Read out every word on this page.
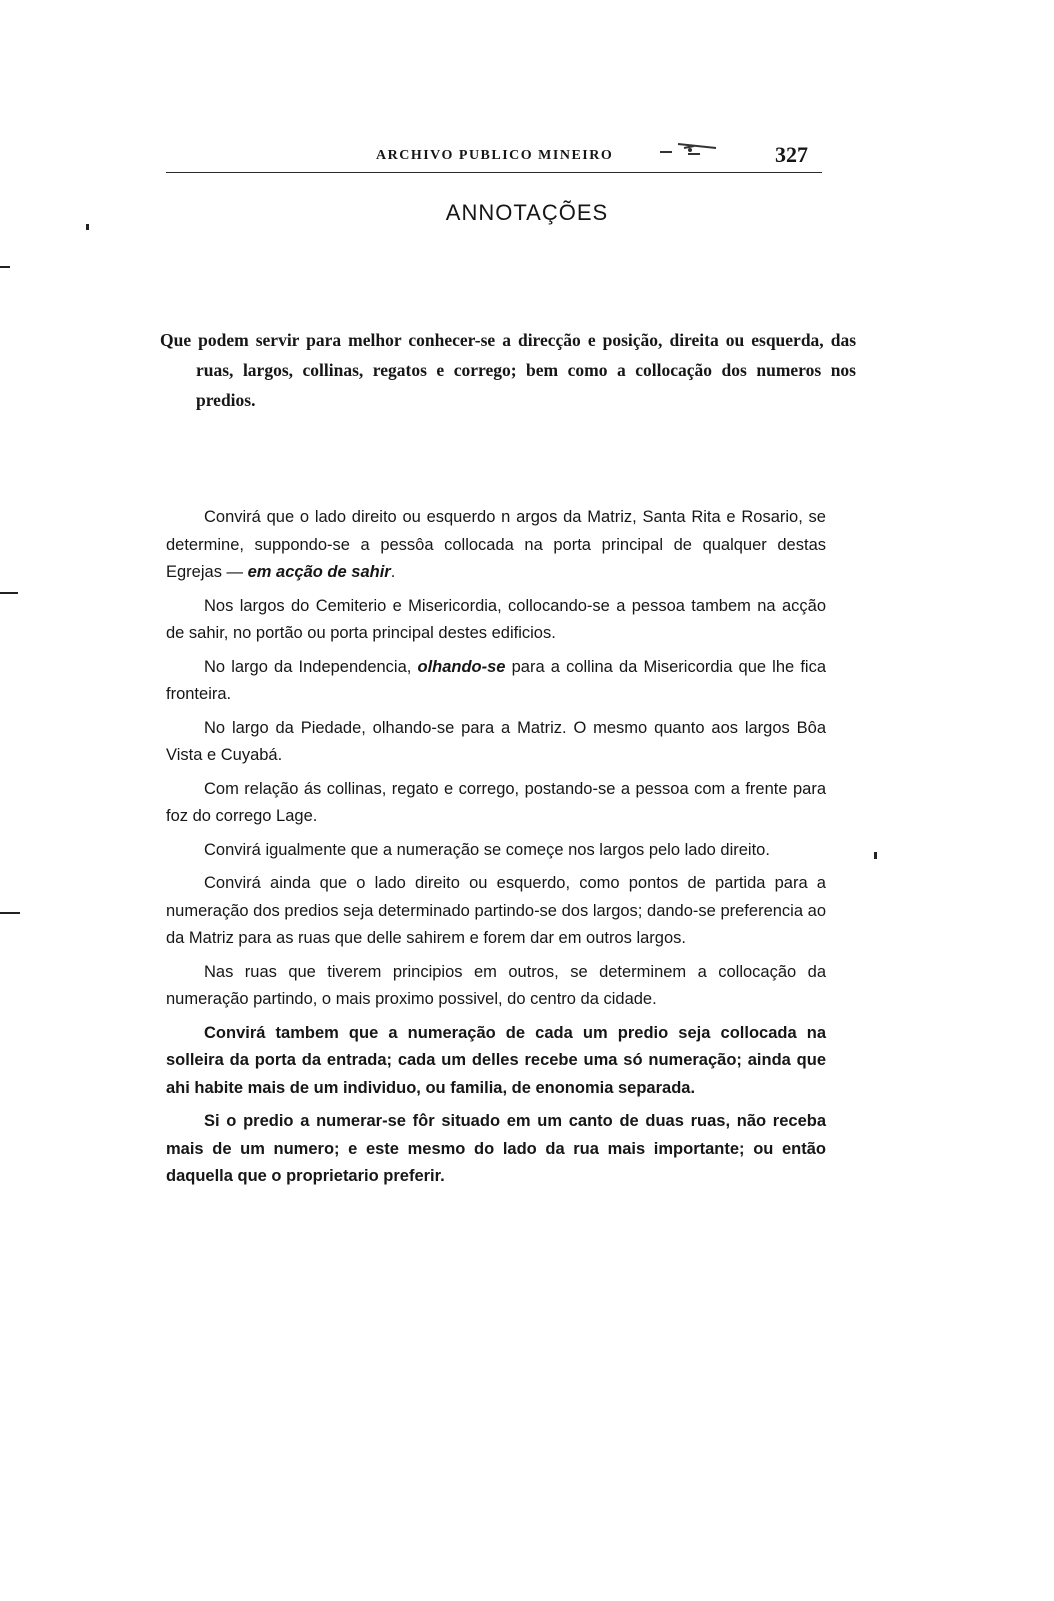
ARCHIVO PUBLICO MINEIRO	327
ANNOTAÇÕES
Que podem servir para melhor conhecer-se a direcção e posição, direita ou esquerda, das ruas, largos, collinas, regatos e corrego; bem como a collocação dos numeros nos predios.

Convirá que o lado direito ou esquerdo n argos da Matriz, Santa Rita e Rosario, se determine, suppondo-se a pessôa collocada na porta principal de qualquer destas Egrejas — em acção de sahir.

Nos largos do Cemiterio e Misericordia, collocando-se a pessoa tambem na acção de sahir, no portão ou porta principal destes edificios.

No largo da Independencia, olhando-se para a collina da Misericordia que lhe fica fronteira.

No largo da Piedade, olhando-se para a Matriz. O mesmo quanto aos largos Bôa Vista e Cuyabá.

Com relação ás collinas, regato e corrego, postando-se a pessoa com a frente para foz do corrego Lage.

Convirá igualmente que a numeração se começe nos largos pelo lado direito.

Convirá ainda que o lado direito ou esquerdo, como pontos de partida para a numeração dos predios seja determinado partindo-se dos largos; dando-se preferencia ao da Matriz para as ruas que delle sahirem e forem dar em outros largos.

Nas ruas que tiverem principios em outros, se determinem a collocação da numeração partindo, o mais proximo possivel, do centro da cidade.

Convirá tambem que a numeração de cada um predio seja collocada na solleira da porta da entrada; cada um delles recebe uma só numeração; ainda que ahi habite mais de um individuo, ou familia, de enonomia separada.

Si o predio a numerar-se fôr situado em um canto de duas ruas, não receba mais de um numero; e este mesmo do lado da rua mais importante; ou então daquella que o proprietario preferir.
